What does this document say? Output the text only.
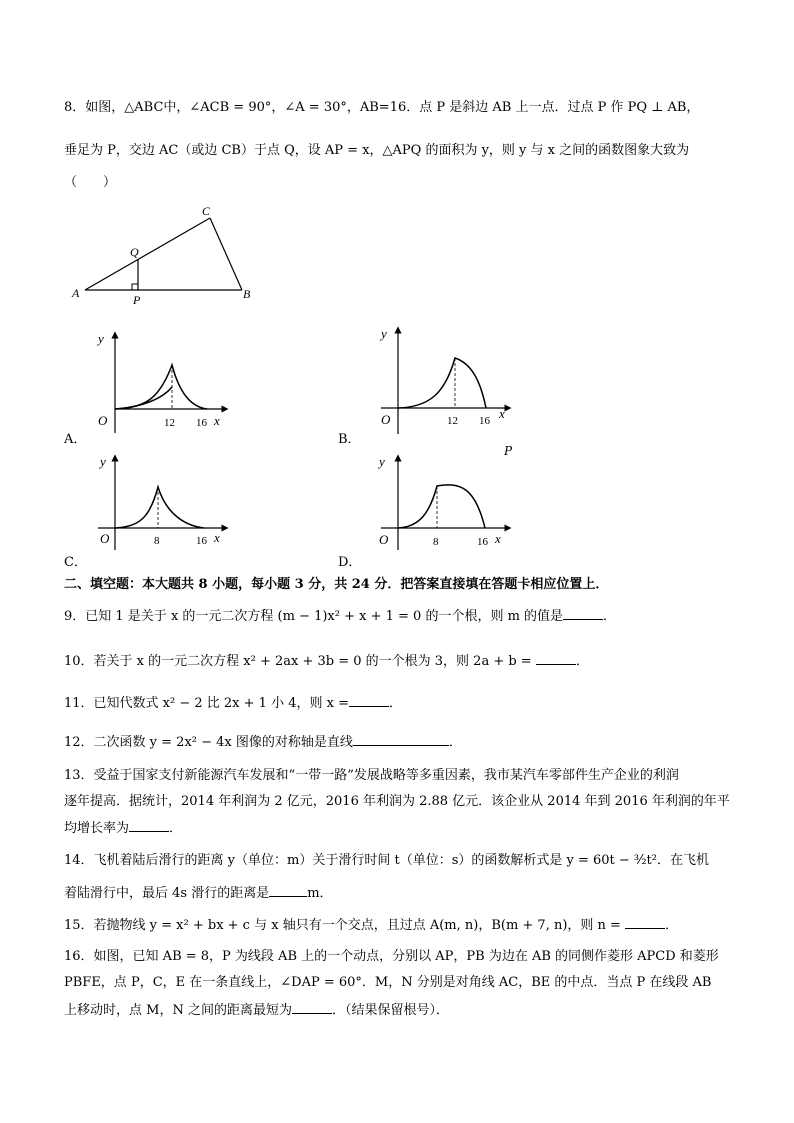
8．如图，△ABC中，∠ACB = 90°，∠A = 30°，AB=16．点 P 是斜边 AB 上一点．过点 P 作 PQ ⊥ AB，
垂足为 P，交边 AC（或边 CB）于点 Q，设 AP = x，△APQ 的面积为 y，则 y 与 x 之间的函数图象大致为
（　　）
C
Q
A	P	B
y
O	12 16 x
A．
y
O	12 16 x
B．
P
y
O	8	16 x
C．
y
O	8	16 x
D．
二、填空题：本大题共 8 小题，每小题 3 分，共 24 分．把答案直接填在答题卡相应位置上．
9．已知 1 是关于 x 的一元二次方程 (m − 1)x² + x + 1 = 0 的一个根，则 m 的值是	．
10．若关于 x 的一元二次方程 x² + 2ax + 3b = 0 的一个根为 3，则 2a + b =	．
11．已知代数式 x² − 2 比 2x + 1 小 4，则 x =	．
12．二次函数 y = 2x² − 4x 图像的对称轴是直线	．
13．受益于国家支付新能源汽车发展和“一带一路”发展战略等多重因素，我市某汽车零部件生产企业的利润
逐年提高．据统计，2014 年利润为 2 亿元，2016 年利润为 2.88 亿元．该企业从 2014 年到 2016 年利润的年平
均增长率为	．
14．飞机着陆后滑行的距离 y（单位：m）关于滑行时间 t（单位：s）的函数解析式是 y = 60t − ³⁄₂t²．在飞机
着陆滑行中，最后 4s 滑行的距离是	m．
15．若抛物线 y = x² + bx + c 与 x 轴只有一个交点，且过点 A(m, n)，B(m + 7, n)，则 n =	．
16．如图，已知 AB = 8，P 为线段 AB 上的一个动点，分别以 AP，PB 为边在 AB 的同侧作菱形 APCD 和菱形
PBFE，点 P，C，E 在一条直线上，∠DAP = 60°．M，N 分别是对角线 AC，BE 的中点．当点 P 在线段 AB
上移动时，点 M，N 之间的距离最短为	．（结果保留根号）．
